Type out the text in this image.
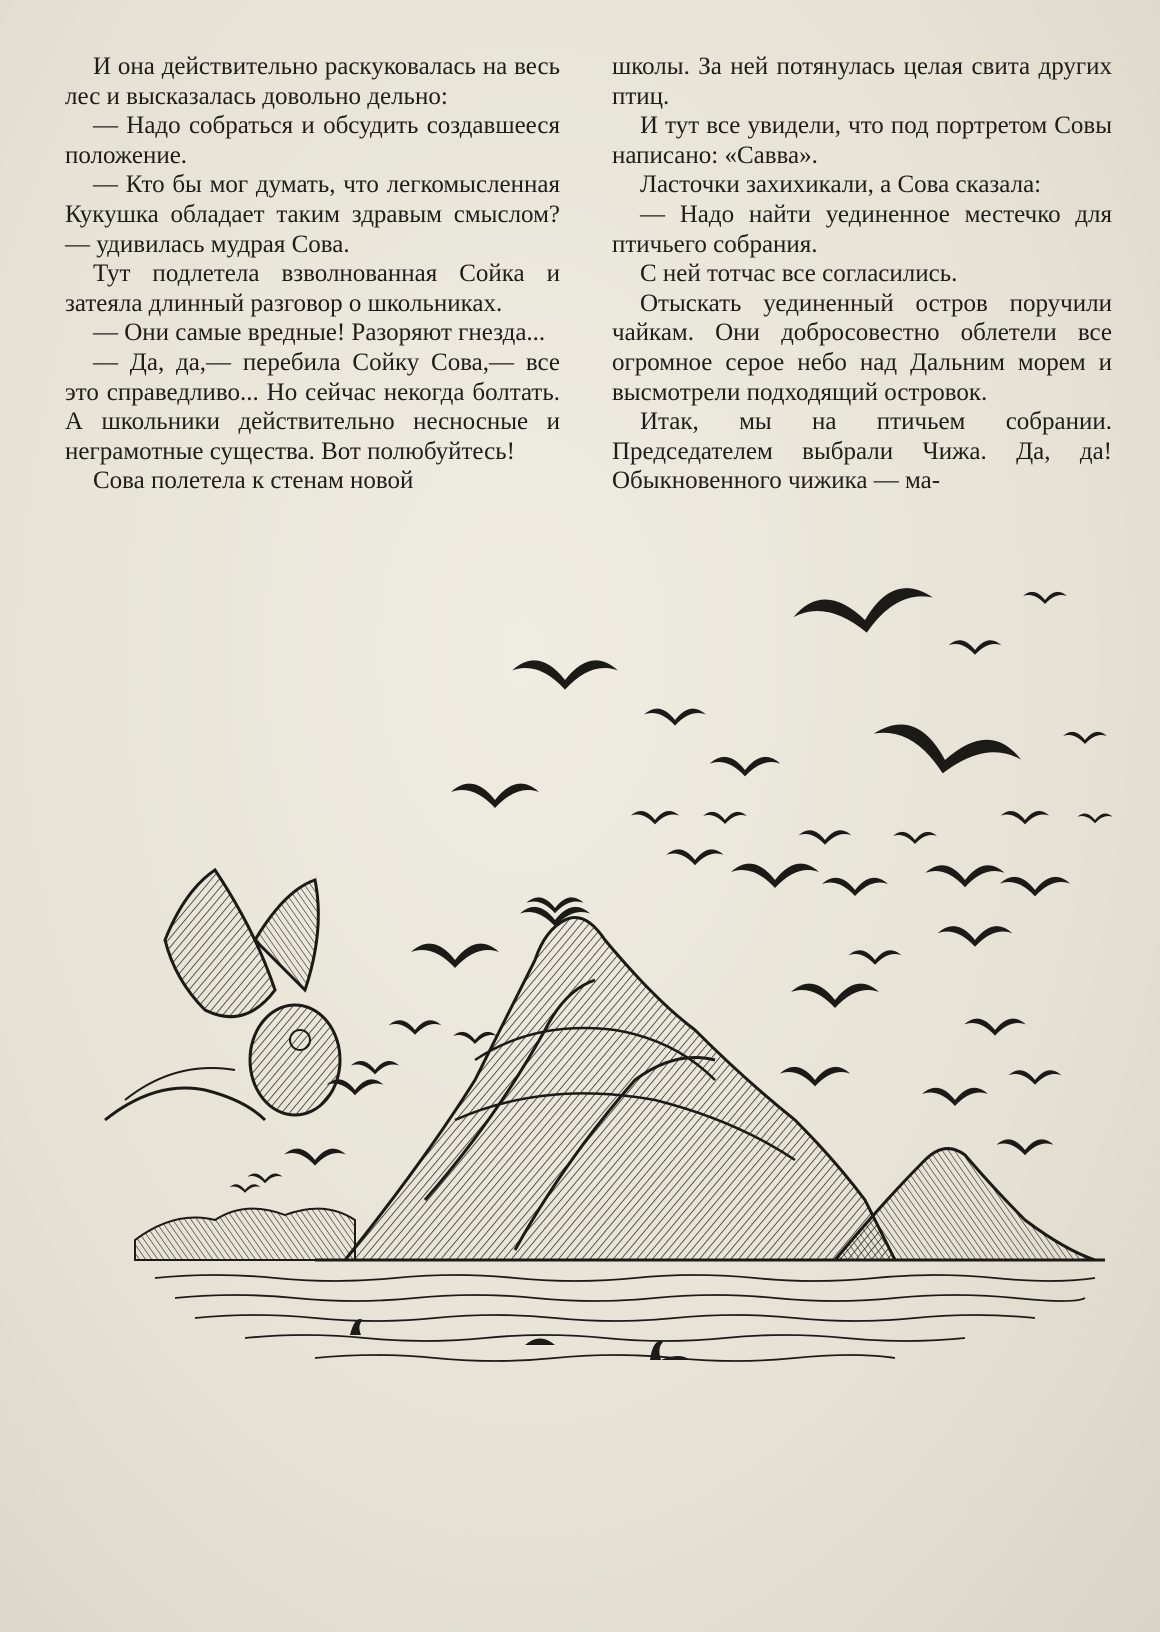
И она действительно раскуковалась на весь лес и высказалась довольно дельно:

— Надо собраться и обсудить создавшееся положение.

— Кто бы мог думать, что легкомысленная Кукушка обладает таким здравым смыслом? — удивилась мудрая Сова.

Тут подлетела взволнованная Сойка и затеяла длинный разговор о школьниках.

— Они самые вредные! Разоряют гнезда...

— Да, да,— перебила Сойку Сова,— все это справедливо... Но сейчас некогда болтать. А школьники действительно несносные и неграмотные существа. Вот полюбуйтесь!

Сова полетела к стенам новой

школы. За ней потянулась целая свита других птиц.

И тут все увидели, что под портретом Совы написано: «Савва».

Ласточки захихикали, а Сова сказала:

— Надо найти уединенное местечко для птичьего собрания.

С ней тотчас все согласились.

Отыскать уединенный остров поручили чайкам. Они добросовестно облетели все огромное серое небо над Дальним морем и высмотрели подходящий островок.

Итак, мы на птичьем собрании. Председателем выбрали Чижа. Да, да! Обыкновенного чижика — ма-
